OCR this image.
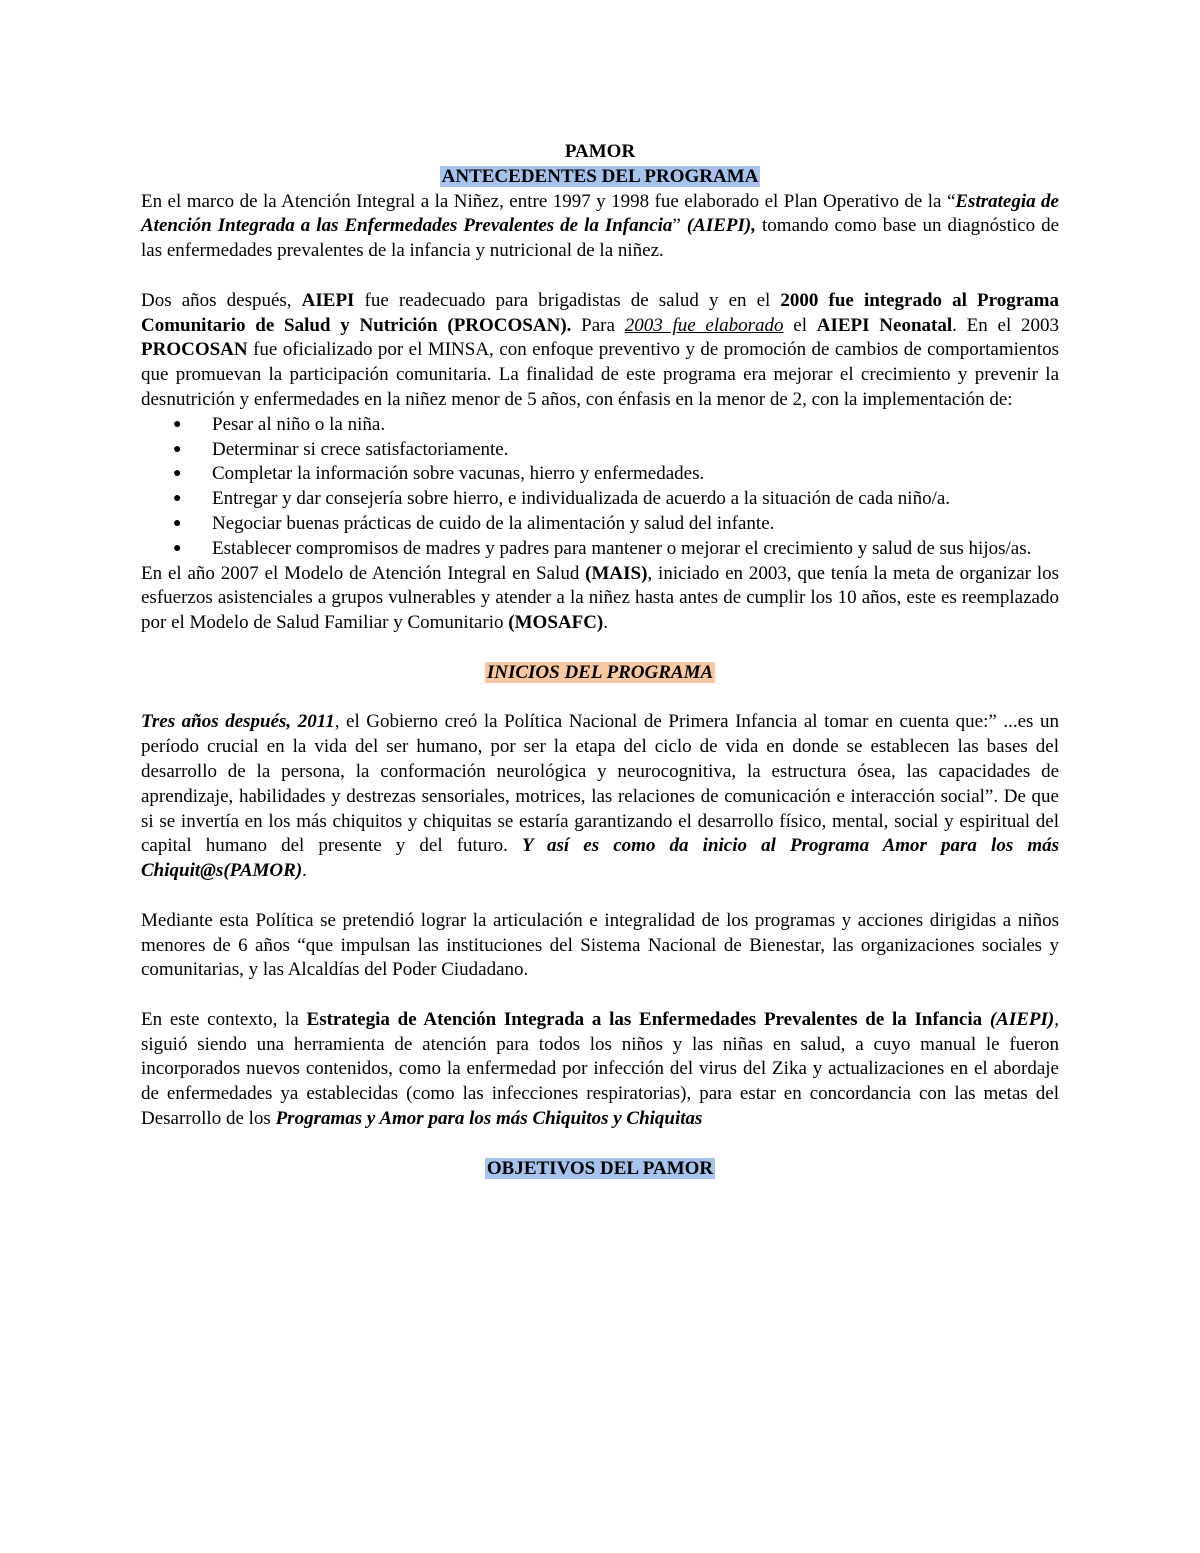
PAMOR

ANTECEDENTES DEL PROGRAMA

En el marco de la Atención Integral a la Niñez, entre 1997 y 1998 fue elaborado el Plan Operativo de la “Estrategia de Atención Integrada a las Enfermedades Prevalentes de la Infancia” (AIEPI), tomando como base un diagnóstico de las enfermedades prevalentes de la infancia y nutricional de la niñez.

Dos años después, AIEPI fue readecuado para brigadistas de salud y en el 2000 fue integrado al Programa Comunitario de Salud y Nutrición (PROCOSAN). Para 2003 fue elaborado el AIEPI Neonatal. En el 2003 PROCOSAN fue oficializado por el MINSA, con enfoque preventivo y de promoción de cambios de comportamientos que promuevan la participación comunitaria. La finalidad de este programa era mejorar el crecimiento y prevenir la desnutrición y enfermedades en la niñez menor de 5 años, con énfasis en la menor de 2, con la implementación de:

● Pesar al niño o la niña.
● Determinar si crece satisfactoriamente.
● Completar la información sobre vacunas, hierro y enfermedades.
● Entregar y dar consejería sobre hierro, e individualizada de acuerdo a la situación de cada niño/a.
● Negociar buenas prácticas de cuido de la alimentación y salud del infante.
● Establecer compromisos de madres y padres para mantener o mejorar el crecimiento y salud de sus hijos/as.

En el año 2007 el Modelo de Atención Integral en Salud (MAIS), iniciado en 2003, que tenía la meta de organizar los esfuerzos asistenciales a grupos vulnerables y atender a la niñez hasta antes de cumplir los 10 años, este es reemplazado por el Modelo de Salud Familiar y Comunitario (MOSAFC).

INICIOS DEL PROGRAMA

Tres años después, 2011, el Gobierno creó la Política Nacional de Primera Infancia al tomar en cuenta que:” ...es un período crucial en la vida del ser humano, por ser la etapa del ciclo de vida en donde se establecen las bases del desarrollo de la persona, la conformación neurológica y neurocognitiva, la estructura ósea, las capacidades de aprendizaje, habilidades y destrezas sensoriales, motrices, las relaciones de comunicación e interacción social”. De que si se invertía en los más chiquitos y chiquitas se estaría garantizando el desarrollo físico, mental, social y espiritual del capital humano del presente y del futuro. Y así es como da inicio al Programa Amor para los más Chiquit@s(PAMOR).

Mediante esta Política se pretendió lograr la articulación e integralidad de los programas y acciones dirigidas a niños menores de 6 años “que impulsan las instituciones del Sistema Nacional de Bienestar, las organizaciones sociales y comunitarias, y las Alcaldías del Poder Ciudadano.

En este contexto, la Estrategia de Atención Integrada a las Enfermedades Prevalentes de la Infancia (AIEPI), siguió siendo una herramienta de atención para todos los niños y las niñas en salud, a cuyo manual le fueron incorporados nuevos contenidos, como la enfermedad por infección del virus del Zika y actualizaciones en el abordaje de enfermedades ya establecidas (como las infecciones respiratorias), para estar en concordancia con las metas del Desarrollo de los Programas y Amor para los más Chiquitos y Chiquitas

OBJETIVOS DEL PAMOR
